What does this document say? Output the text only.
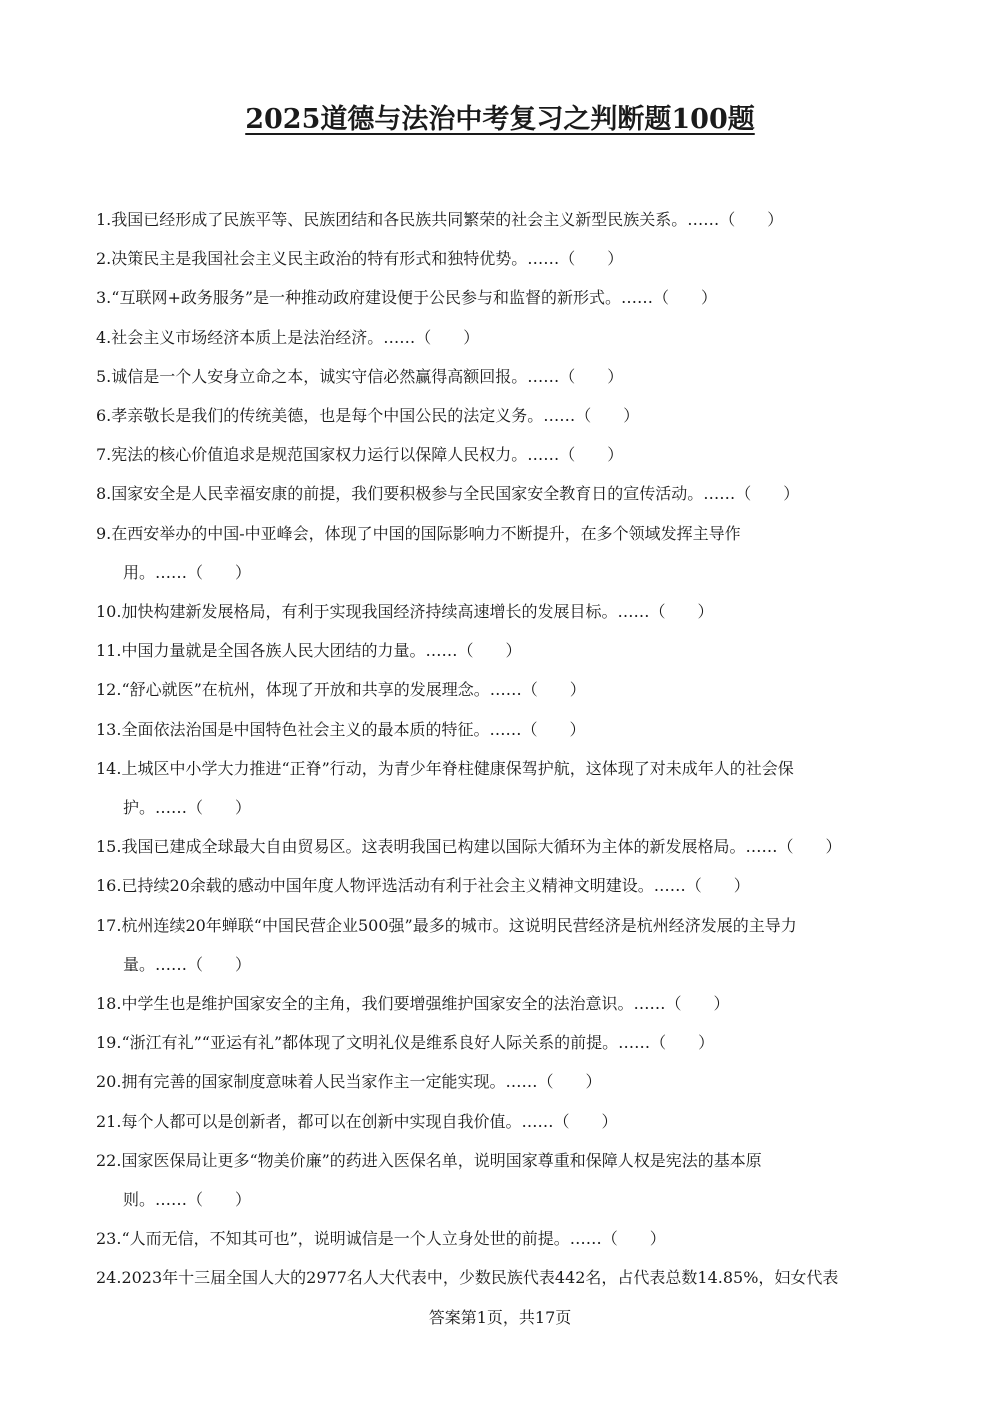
2025道德与法治中考复习之判断题100题
1.我国已经形成了民族平等、民族团结和各民族共同繁荣的社会主义新型民族关系。……（　　）
2.决策民主是我国社会主义民主政治的特有形式和独特优势。……（　　）
3.“互联网+政务服务”是一种推动政府建设便于公民参与和监督的新形式。……（　　）
4.社会主义市场经济本质上是法治经济。……（　　）
5.诚信是一个人安身立命之本，诚实守信必然赢得高额回报。……（　　）
6.孝亲敬长是我们的传统美德，也是每个中国公民的法定义务。……（　　）
7.宪法的核心价值追求是规范国家权力运行以保障人民权力。……（　　）
8.国家安全是人民幸福安康的前提，我们要积极参与全民国家安全教育日的宣传活动。……（　　）
9.在西安举办的中国-中亚峰会，体现了中国的国际影响力不断提升，在多个领域发挥主导作
用。……（　　）
10.加快构建新发展格局，有利于实现我国经济持续高速增长的发展目标。……（　　）
11.中国力量就是全国各族人民大团结的力量。……（　　）
12.“舒心就医”在杭州，体现了开放和共享的发展理念。……（　　）
13.全面依法治国是中国特色社会主义的最本质的特征。……（　　）
14.上城区中小学大力推进“正脊”行动，为青少年脊柱健康保驾护航，这体现了对未成年人的社会保
护。……（　　）
15.我国已建成全球最大自由贸易区。这表明我国已构建以国际大循环为主体的新发展格局。……（　　）
16.已持续20余载的感动中国年度人物评选活动有利于社会主义精神文明建设。……（　　）
17.杭州连续20年蝉联“中国民营企业500强”最多的城市。这说明民营经济是杭州经济发展的主导力
量。……（　　）
18.中学生也是维护国家安全的主角，我们要增强维护国家安全的法治意识。……（　　）
19.“浙江有礼”“亚运有礼”都体现了文明礼仪是维系良好人际关系的前提。……（　　）
20.拥有完善的国家制度意味着人民当家作主一定能实现。……（　　）
21.每个人都可以是创新者，都可以在创新中实现自我价值。……（　　）
22.国家医保局让更多“物美价廉”的药进入医保名单，说明国家尊重和保障人权是宪法的基本原
则。……（　　）
23.“人而无信，不知其可也”，说明诚信是一个人立身处世的前提。……（　　）
24.2023年十三届全国人大的2977名人大代表中，少数民族代表442名，占代表总数14.85%，妇女代表
答案第1页，共17页
